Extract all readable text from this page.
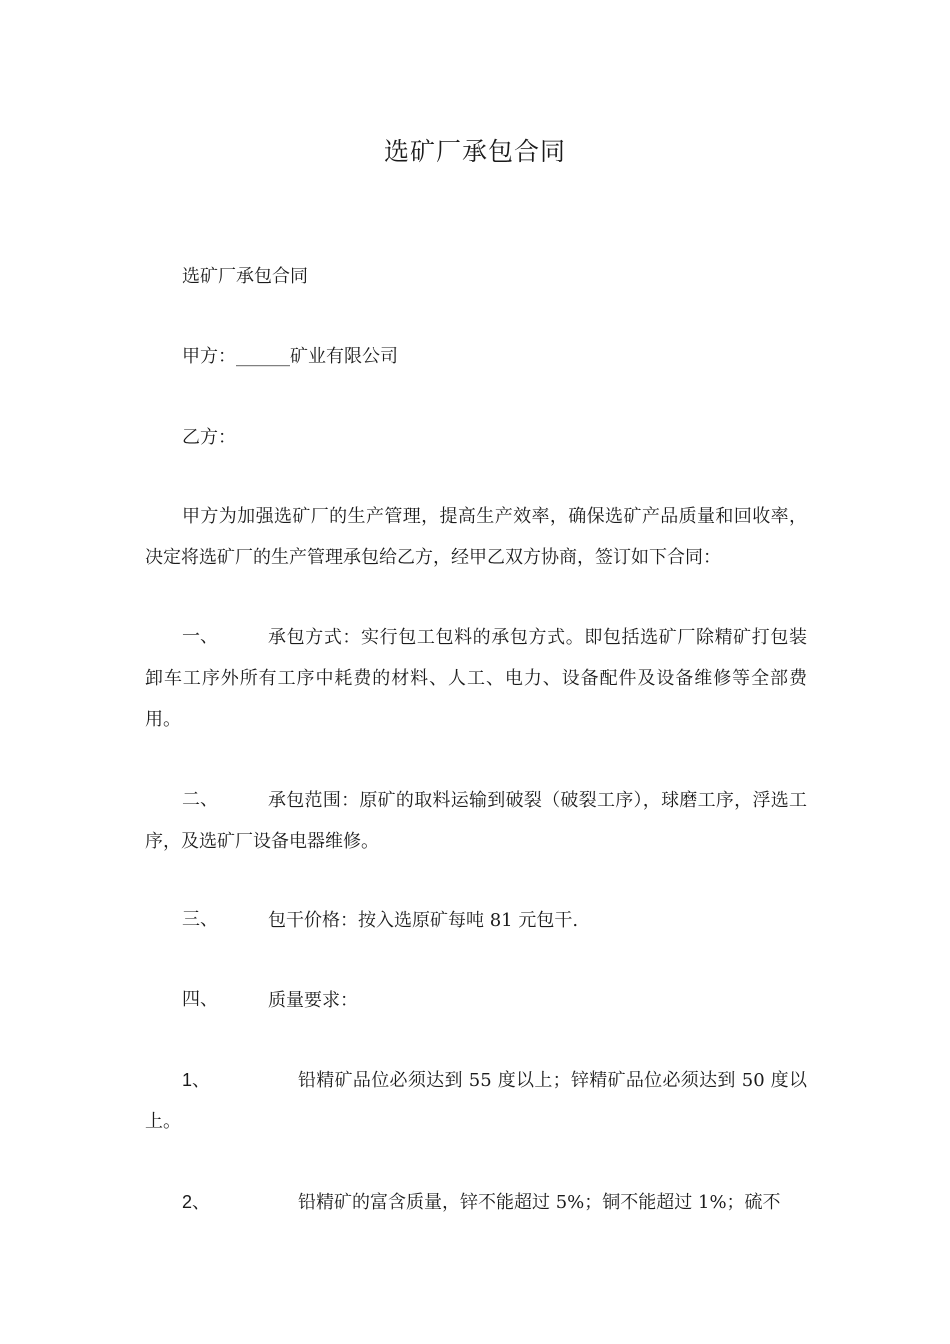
选矿厂承包合同
选矿厂承包合同
甲方：______矿业有限公司
乙方：
甲方为加强选矿厂的生产管理，提高生产效率，确保选矿产品质量和回收率，决定将选矿厂的生产管理承包给乙方，经甲乙双方协商，签订如下合同：
一、	承包方式：实行包工包料的承包方式。即包括选矿厂除精矿打包装卸车工序外所有工序中耗费的材料、人工、电力、设备配件及设备维修等全部费用。
二、	承包范围：原矿的取料运输到破裂（破裂工序），球磨工序，浮选工序，及选矿厂设备电器维修。
三、	包干价格：按入选原矿每吨 81 元包干.
四、	质量要求：
1、	铅精矿品位必须达到 55 度以上；锌精矿品位必须达到 50 度以上。
2、	铅精矿的富含质量，锌不能超过 5%；铜不能超过 1%；硫不
